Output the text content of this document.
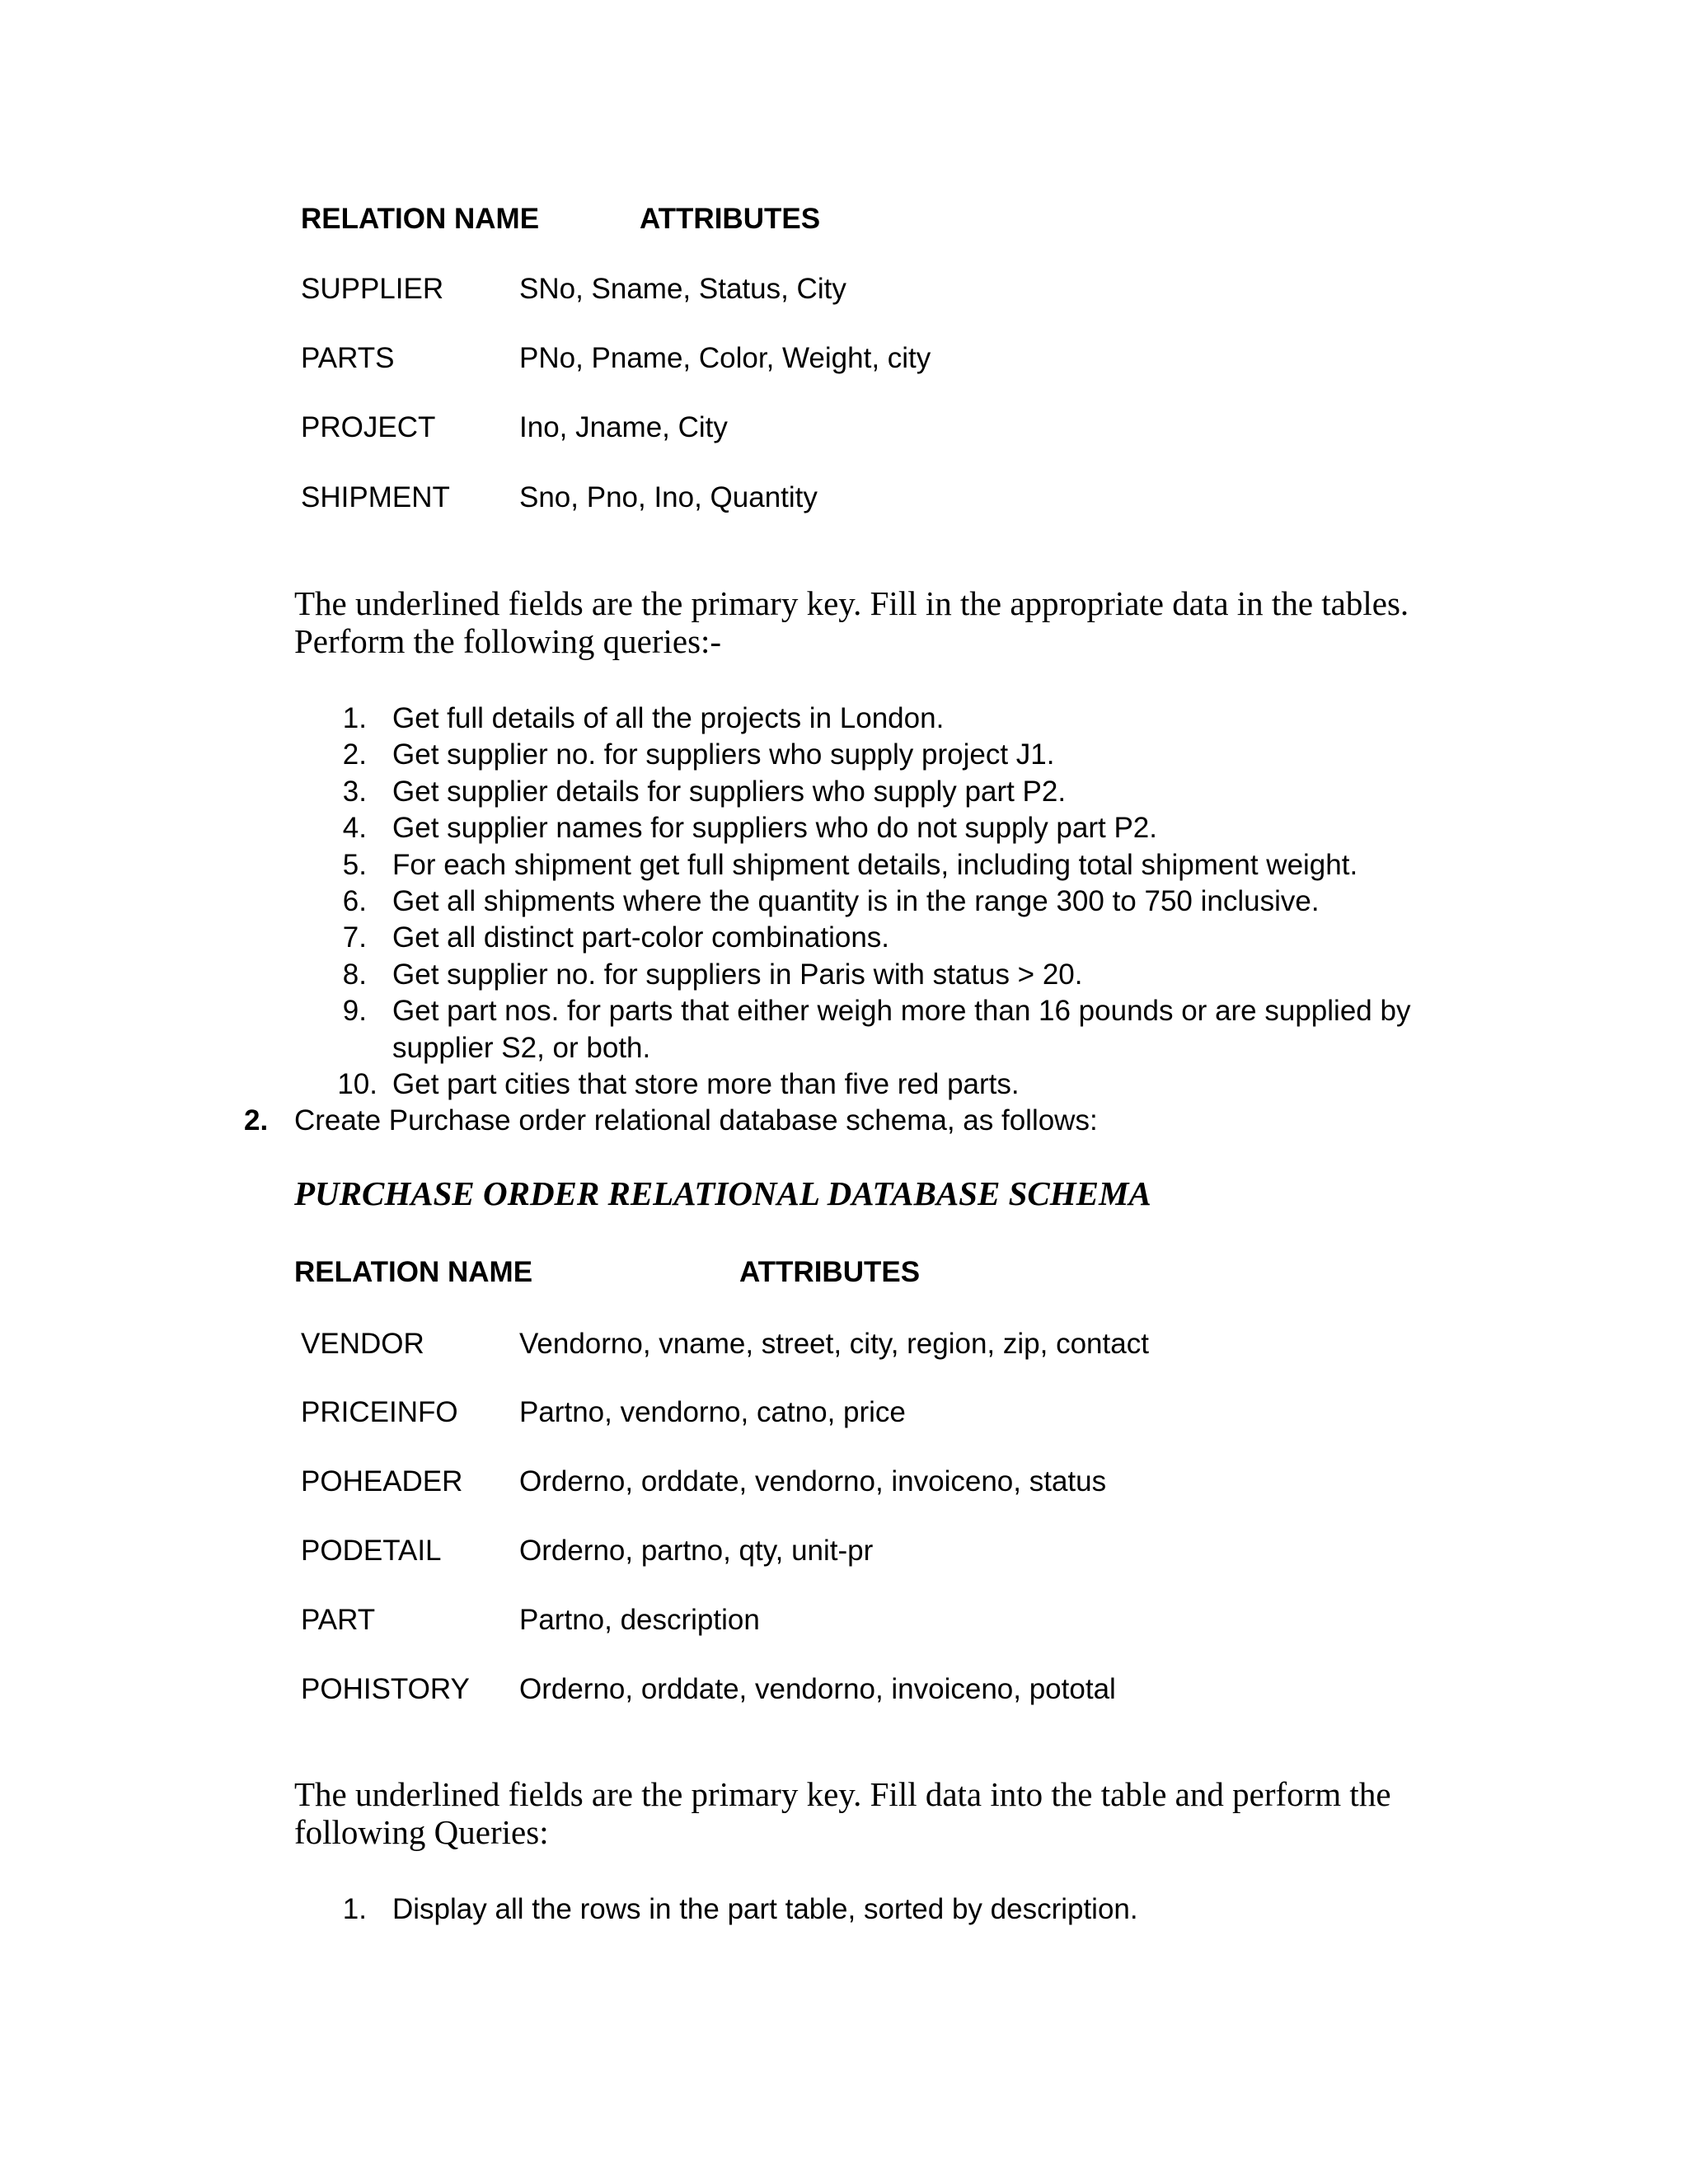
RELATION NAME	ATTRIBUTES
SUPPLIER	SNo, Sname, Status, City
PARTS	PNo, Pname, Color, Weight, city
PROJECT	Ino, Jname, City
SHIPMENT Sno, Pno, Ino, Quantity
The underlined fields are the primary key. Fill in the appropriate data in the tables.
Perform the following queries:-
1. Get full details of all the projects in London.
2. Get supplier no. for suppliers who supply project J1.
3. Get supplier details for suppliers who supply part P2.
4. Get supplier names for suppliers who do not supply part P2.
5. For each shipment get full shipment details, including total shipment weight.
6. Get all shipments where the quantity is in the range 300 to 750 inclusive.
7. Get all distinct part-color combinations.
8. Get supplier no. for suppliers in Paris with status > 20.
9. Get part nos. for parts that either weigh more than 16 pounds or are supplied by
supplier S2, or both.
10. Get part cities that store more than five red parts.
2. Create Purchase order relational database schema, as follows:
PURCHASE ORDER RELATIONAL DATABASE SCHEMA
RELATION NAME	ATTRIBUTES
VENDOR	Vendorno, vname, street, city, region, zip, contact
PRICEINFO Partno, vendorno, catno, price
POHEADER Orderno, orddate, vendorno, invoiceno, status
PODETAIL	Orderno, partno, qty, unit-pr
PART	Partno, description
POHISTORY Orderno, orddate, vendorno, invoiceno, pototal
The underlined fields are the primary key. Fill data into the table and perform the
following Queries:
1. Display all the rows in the part table, sorted by description.
